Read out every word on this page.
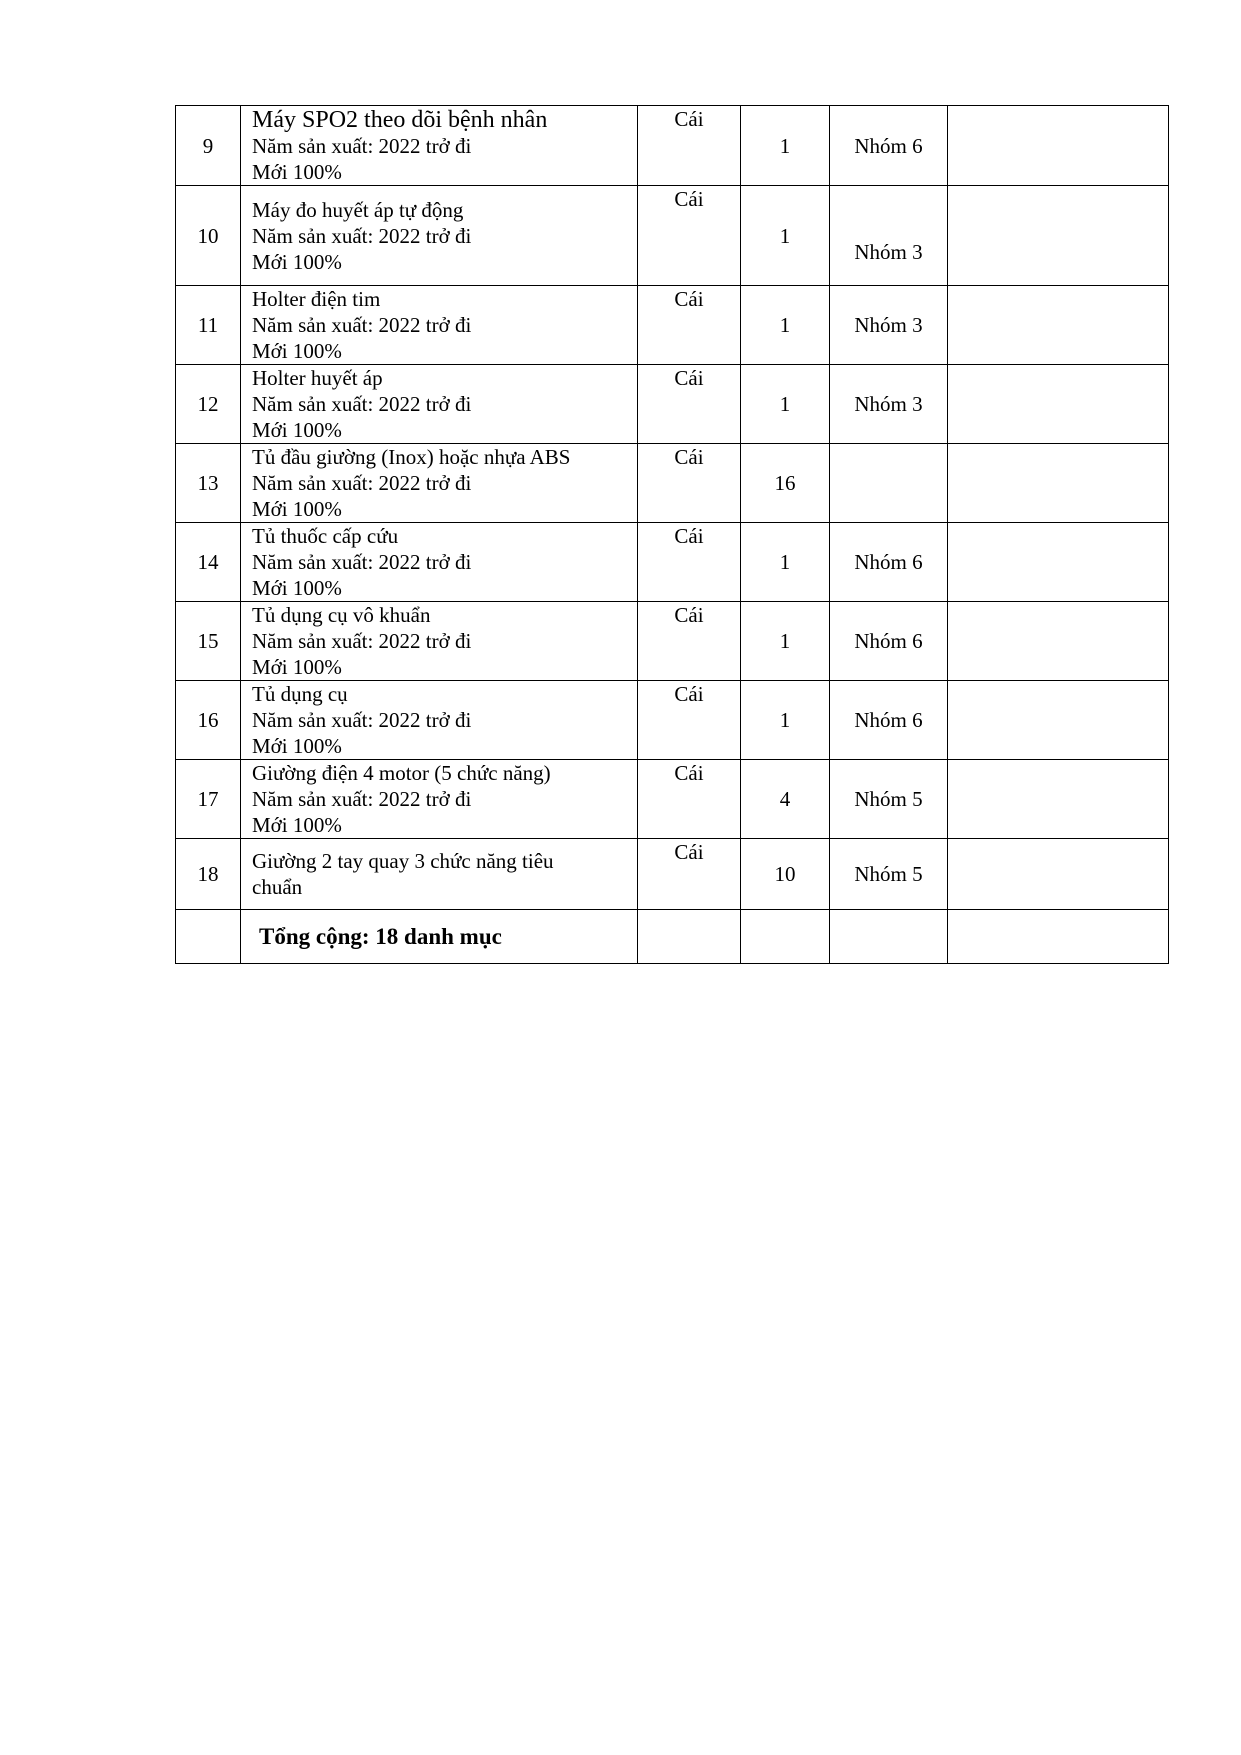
9	Máy SPO2 theo dõi bệnh nhân
Năm sản xuất: 2022 trở đi
Mới 100%	Cái	1	Nhóm 6	
10	Máy đo huyết áp tự động
Năm sản xuất: 2022 trở đi
Mới 100%	Cái	1	Nhóm 3	
11	Holter điện tim
Năm sản xuất: 2022 trở đi
Mới 100%	Cái	1	Nhóm 3	
12	Holter huyết áp
Năm sản xuất: 2022 trở đi
Mới 100%	Cái	1	Nhóm 3	
13	Tủ đầu giường (Inox) hoặc nhựa ABS
Năm sản xuất: 2022 trở đi
Mới 100%	Cái	16		
14	Tủ thuốc cấp cứu
Năm sản xuất: 2022 trở đi
Mới 100%	Cái	1	Nhóm 6	
15	Tủ dụng cụ vô khuẩn
Năm sản xuất: 2022 trở đi
Mới 100%	Cái	1	Nhóm 6	
16	Tủ dụng cụ
Năm sản xuất: 2022 trở đi
Mới 100%	Cái	1	Nhóm 6	
17	Giường điện 4 motor (5 chức năng)
Năm sản xuất: 2022 trở đi
Mới 100%	Cái	4	Nhóm 5	
18	Giường 2 tay quay 3 chức năng tiêu
chuẩn	Cái	10	Nhóm 5	
	Tổng cộng: 18 danh mục				
